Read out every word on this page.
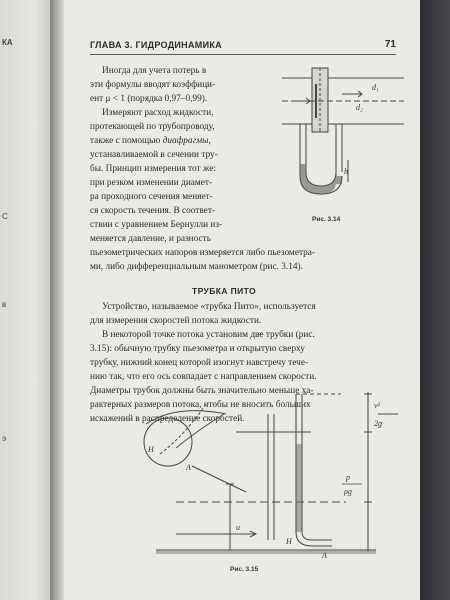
КА
С
в
э
ГЛАВА 3. ГИДРОДИНАМИКА	71
Иногда для учета потерь в
эти формулы вводят коэффици-
ент μ < 1 (порядка 0,97–0,99).
Измеряют расход жидкости,
протекающей по трубопроводу,
также с помощью диафрагмы,
устанавливаемой в сечении тру-
бы. Принцип измерения тот же:
при резком изменении диамет-
ра проходного сечения меняет-
ся скорость течения. В соответ-
ствии с уравнением Бернулли из-
меняется давление, и разность
пьезометрических напоров измеряется либо пьезометра-
ми, либо дифференциальным манометром (рис. 3.14).
ТРУБКА ПИТО
Устройство, называемое «трубка Пито», используется
для измерения скоростей потока жидкости.
В некоторой точке потока установим две трубки (рис.
3.15): обычную трубку пьезометра и открытую сверху
трубку, нижний конец которой изогнут навстречу тече-
нию так, что его ось совпадает с направлением скорости.
Диаметры трубок должны быть значительно меньше ха-
рактерных размеров потока, чтобы не вносить больших
искажений в распределение скоростей.
d₁
d₂
h
Рис. 3.14
v²
2g
p
ρg
H
A
u
H
A
Рис. 3.15
